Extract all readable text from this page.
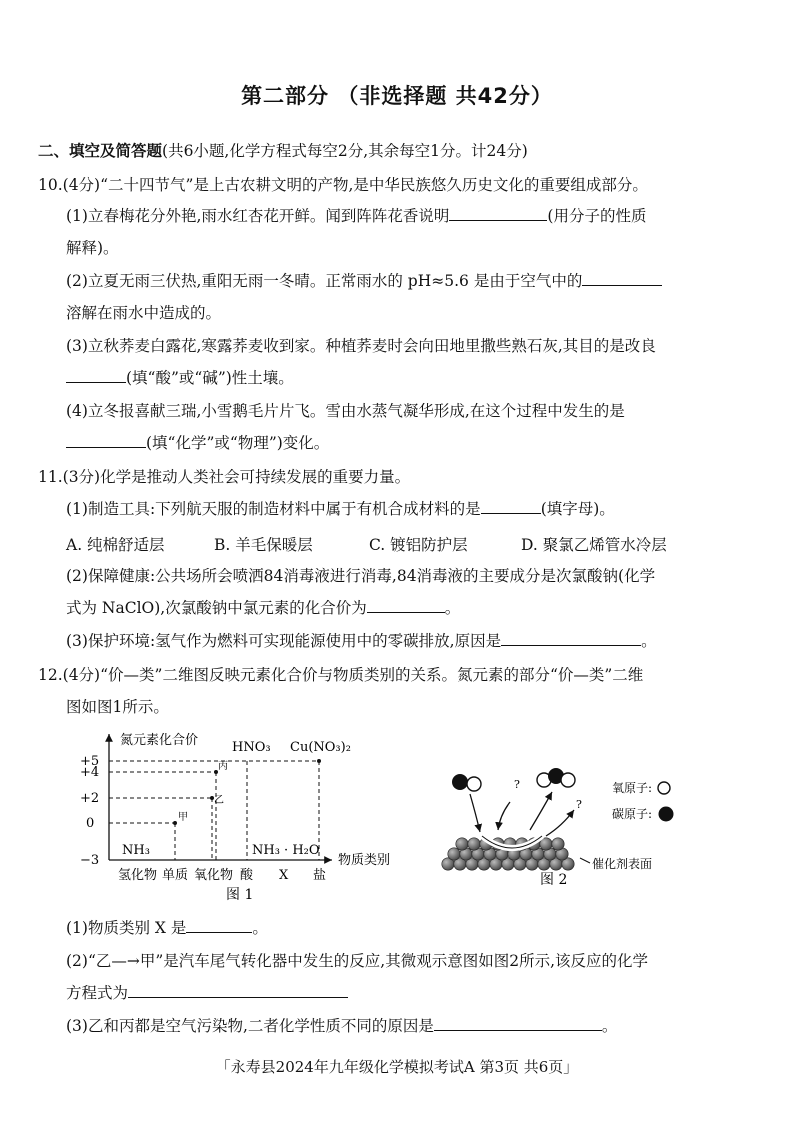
第二部分 （非选择题 共42分）
二、填空及简答题(共6小题,化学方程式每空2分,其余每空1分。计24分)
10.(4分)“二十四节气”是上古农耕文明的产物,是中华民族悠久历史文化的重要组成部分。
(1)立春梅花分外艳,雨水红杏花开鲜。闻到阵阵花香说明	(用分子的性质
解释)。
(2)立夏无雨三伏热,重阳无雨一冬晴。正常雨水的 pH≈5.6 是由于空气中的
溶解在雨水中造成的。
(3)立秋荞麦白露花,寒露荞麦收到家。种植荞麦时会向田地里撒些熟石灰,其目的是改良
(填“酸”或“碱”)性土壤。
(4)立冬报喜献三瑞,小雪鹅毛片片飞。雪由水蒸气凝华形成,在这个过程中发生的是
(填“化学”或“物理”)变化。
11.(3分)化学是推动人类社会可持续发展的重要力量。
(1)制造工具:下列航天服的制造材料中属于有机合成材料的是	(填字母)。
A. 纯棉舒适层	B. 羊毛保暖层	C. 镀铝防护层	D. 聚氯乙烯管水冷层
(2)保障健康:公共场所会喷洒84消毒液进行消毒,84消毒液的主要成分是次氯酸钠(化学
式为 NaClO),次氯酸钠中氯元素的化合价为	。
(3)保护环境:氢气作为燃料可实现能源使用中的零碳排放,原因是	。
12.(4分)“价—类”二维图反映元素化合价与物质类别的关系。氮元素的部分“价—类”二维
图如图1所示。
氮元素化合价
物质类别
+5
+4
+2
0
−3
HNO₃ Cu(NO₃)₂
丙
乙
甲
NH₃	NH₃ · H₂O
氢化物 单质 氧化物 酸 X 盐
图 1
?
?
氧原子:
碳原子:
催化剂表面
图 2
(1)物质类别 X 是	。
(2)“乙—→甲”是汽车尾气转化器中发生的反应,其微观示意图如图2所示,该反应的化学
方程式为
(3)乙和丙都是空气污染物,二者化学性质不同的原因是	。
「永寿县2024年九年级化学模拟考试A 第3页 共6页」
